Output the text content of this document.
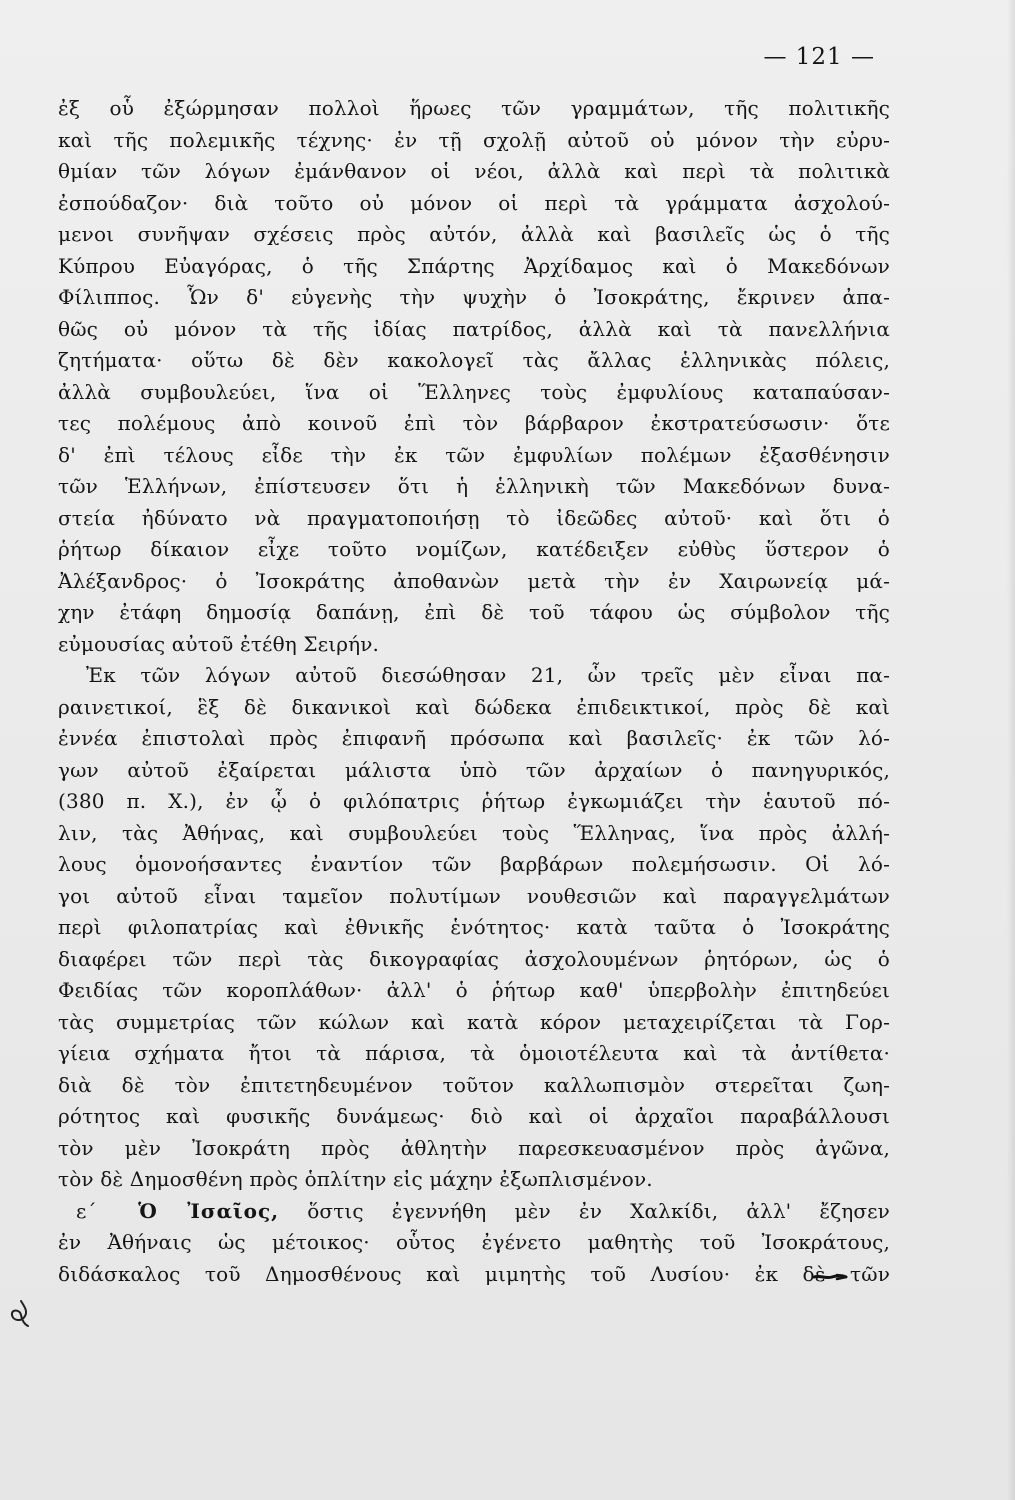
— 121 —
ἐξ οὗ ἐξώρμησαν πολλοὶ ἥρωες τῶν γραμμάτων, τῆς πολιτικῆς
καὶ τῆς πολεμικῆς τέχνης· ἐν τῇ σχολῇ αὐτοῦ οὐ μόνον τὴν εὐρυ-
θμίαν τῶν λόγων ἐμάνθανον οἱ νέοι, ἀλλὰ καὶ περὶ τὰ πολιτικὰ
ἐσπούδαζον· διὰ τοῦτο οὐ μόνον οἱ περὶ τὰ γράμματα ἀσχολού-
μενοι συνῆψαν σχέσεις πρὸς αὐτόν, ἀλλὰ καὶ βασιλεῖς ὡς ὁ τῆς
Κύπρου Εὐαγόρας, ὁ τῆς Σπάρτης Ἀρχίδαμος καὶ ὁ Μακεδόνων
Φίλιππος. Ὧν δ' εὐγενὴς τὴν ψυχὴν ὁ Ἰσοκράτης, ἔκρινεν ἀπα-
θῶς οὐ μόνον τὰ τῆς ἰδίας πατρίδος, ἀλλὰ καὶ τὰ πανελλήνια
ζητήματα· οὕτω δὲ δὲν κακολογεῖ τὰς ἄλλας ἑλληνικὰς πόλεις,
ἀλλὰ συμβουλεύει, ἵνα οἱ Ἕλληνες τοὺς ἐμφυλίους καταπαύσαν-
τες πολέμους ἀπὸ κοινοῦ ἐπὶ τὸν βάρβαρον ἐκστρατεύσωσιν· ὅτε
δ' ἐπὶ τέλους εἶδε τὴν ἐκ τῶν ἐμφυλίων πολέμων ἐξασθένησιν
τῶν Ἑλλήνων, ἐπίστευσεν ὅτι ἡ ἑλληνικὴ τῶν Μακεδόνων δυνα-
στεία ἠδύνατο νὰ πραγματοποιήσῃ τὸ ἰδεῶδες αὐτοῦ· καὶ ὅτι ὁ
ῥήτωρ δίκαιον εἶχε τοῦτο νομίζων, κατέδειξεν εὐθὺς ὕστερον ὁ
Ἀλέξανδρος· ὁ Ἰσοκράτης ἀποθανὼν μετὰ τὴν ἐν Χαιρωνείᾳ μά-
χην ἐτάφη δημοσίᾳ δαπάνῃ, ἐπὶ δὲ τοῦ τάφου ὡς σύμβολον τῆς
εὐμουσίας αὐτοῦ ἐτέθη Σειρήν.
Ἐκ τῶν λόγων αὐτοῦ διεσώθησαν 21, ὧν τρεῖς μὲν εἶναι πα-
ραινετικοί, ἓξ δὲ δικανικοὶ καὶ δώδεκα ἐπιδεικτικοί, πρὸς δὲ καὶ
ἐννέα ἐπιστολαὶ πρὸς ἐπιφανῆ πρόσωπα καὶ βασιλεῖς· ἐκ τῶν λό-
γων αὐτοῦ ἐξαίρεται μάλιστα ὑπὸ τῶν ἀρχαίων ὁ πανηγυρικός,
(380 π. Χ.), ἐν ᾧ ὁ φιλόπατρις ῥήτωρ ἐγκωμιάζει τὴν ἑαυτοῦ πό-
λιν, τὰς Ἀθήνας, καὶ συμβουλεύει τοὺς Ἕλληνας, ἵνα πρὸς ἀλλή-
λους ὁμονοήσαντες ἐναντίον τῶν βαρβάρων πολεμήσωσιν. Οἱ λό-
γοι αὐτοῦ εἶναι ταμεῖον πολυτίμων νουθεσιῶν καὶ παραγγελμάτων
περὶ φιλοπατρίας καὶ ἐθνικῆς ἑνότητος· κατὰ ταῦτα ὁ Ἰσοκράτης
διαφέρει τῶν περὶ τὰς δικογραφίας ἀσχολουμένων ῥητόρων, ὡς ὁ
Φειδίας τῶν κοροπλάθων· ἀλλ' ὁ ῥήτωρ καθ' ὑπερβολὴν ἐπιτηδεύει
τὰς συμμετρίας τῶν κώλων καὶ κατὰ κόρον μεταχειρίζεται τὰ Γορ-
γίεια σχήματα ἤτοι τὰ πάρισα, τὰ ὁμοιοτέλευτα καὶ τὰ ἀντίθετα·
διὰ δὲ τὸν ἐπιτετηδευμένον τοῦτον καλλωπισμὸν στερεῖται ζωη-
ρότητος καὶ φυσικῆς δυνάμεως· διὸ καὶ οἱ ἀρχαῖοι παραβάλλουσι
τὸν μὲν Ἰσοκράτη πρὸς ἀθλητὴν παρεσκευασμένον πρὸς ἀγῶνα,
τὸν δὲ Δημοσθένη πρὸς ὁπλίτην εἰς μάχην ἐξωπλισμένον.
ε´ Ὁ Ἰσαῖος, ὅστις ἐγεννήθη μὲν ἐν Χαλκίδι, ἀλλ' ἔζησεν
ἐν Ἀθήναις ὡς μέτοικος· οὗτος ἐγένετο μαθητὴς τοῦ Ἰσοκράτους,
διδάσκαλος τοῦ Δημοσθένους καὶ μιμητὴς τοῦ Λυσίου· ἐκ δὲ τῶν
